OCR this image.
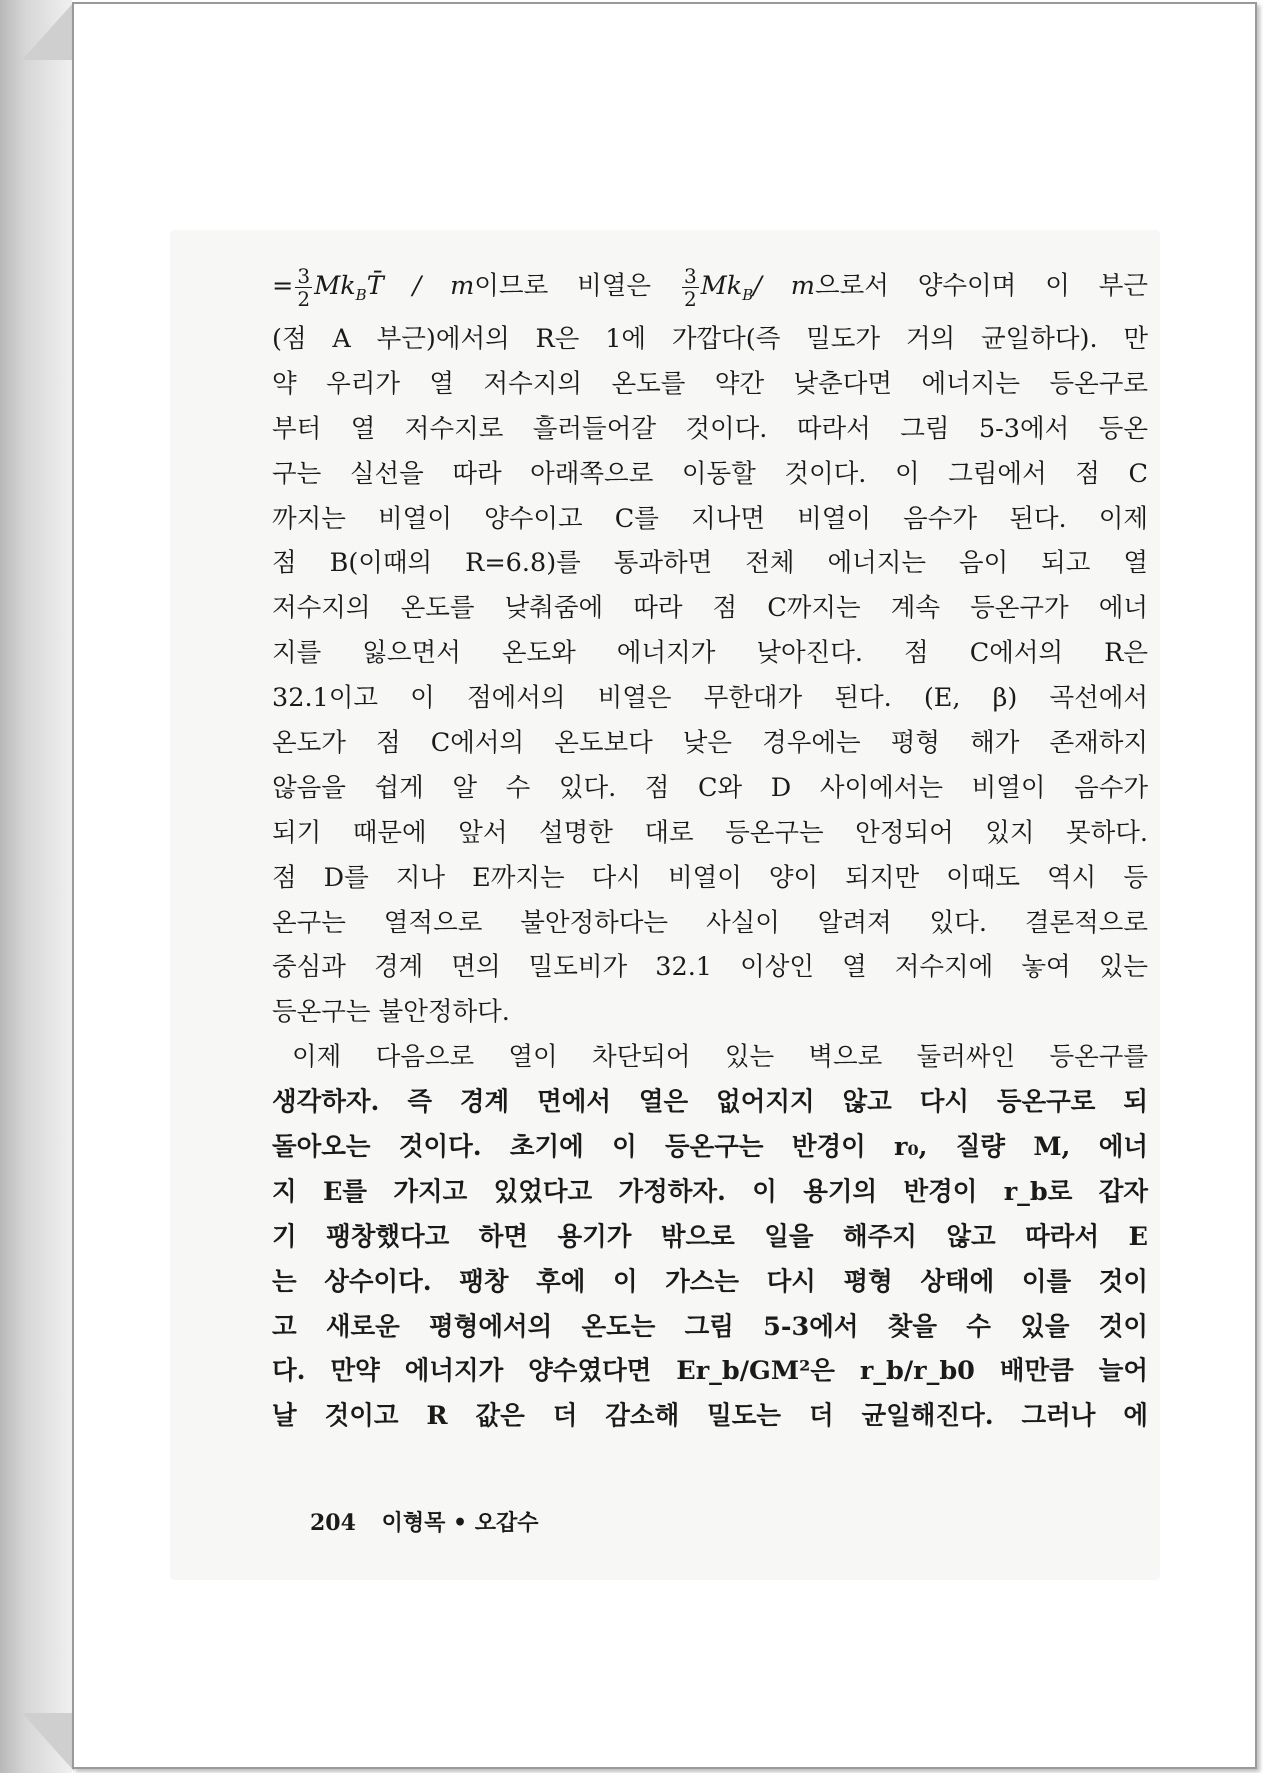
= $\frac{3}{2}$ $Mk_BT̄$ / m이므로 비열은 $\frac{3}{2} Mk_B/$ m으로서 양수이며 이 부근
(점 A 부근)에서의 R은 1에 가깝다(즉 밀도가 거의 균일하다). 만
약 우리가 열 저수지의 온도를 약간 낮춘다면 에너지는 등온구로
부터 열 저수지로 흘러들어갈 것이다. 따라서 그림 5-3에서 등온
구는 실선을 따라 아래쪽으로 이동할 것이다. 이 그림에서 점 C
까지는 비열이 양수이고 C를 지나면 비열이 음수가 된다. 이제
점 B(이때의 R=6.8)를 통과하면 전체 에너지는 음이 되고 열
저수지의 온도를 낮춰줌에 따라 점 C까지는 계속 등온구가 에너
지를 잃으면서 온도와 에너지가 낮아진다. 점 C에서의 R은
32.1이고 이 점에서의 비열은 무한대가 된다. (E, β) 곡선에서
온도가 점 C에서의 온도보다 낮은 경우에는 평형 해가 존재하지
않음을 쉽게 알 수 있다. 점 C와 D 사이에서는 비열이 음수가
되기 때문에 앞서 설명한 대로 등온구는 안정되어 있지 못하다.
점 D를 지나 E까지는 다시 비열이 양이 되지만 이때도 역시 등
온구는 열적으로 불안정하다는 사실이 알려져 있다. 결론적으로
중심과 경계 면의 밀도비가 32.1 이상인 열 저수지에 놓여 있는
등온구는 불안정하다.
이제 다음으로 열이 차단되어 있는 벽으로 둘러싸인 등온구를
생각하자. 즉 경계 면에서 열은 없어지지 않고 다시 등온구로 되
돌아오는 것이다. 초기에 이 등온구는 반경이 r₀, 질량 M, 에너
지 E를 가지고 있었다고 가정하자. 이 용기의 반경이 r_b로 갑자
기 팽창했다고 하면 용기가 밖으로 일을 해주지 않고 따라서 E
는 상수이다. 팽창 후에 이 가스는 다시 평형 상태에 이를 것이
고 새로운 평형에서의 온도는 그림 5-3에서 찾을 수 있을 것이
다. 만약 에너지가 양수였다면 Er_b/GM²은 r_b/r_b0 배만큼 늘어
날 것이고 R 값은 더 감소해 밀도는 더 균일해진다. 그러나 에
204 이형목 • 오갑수
